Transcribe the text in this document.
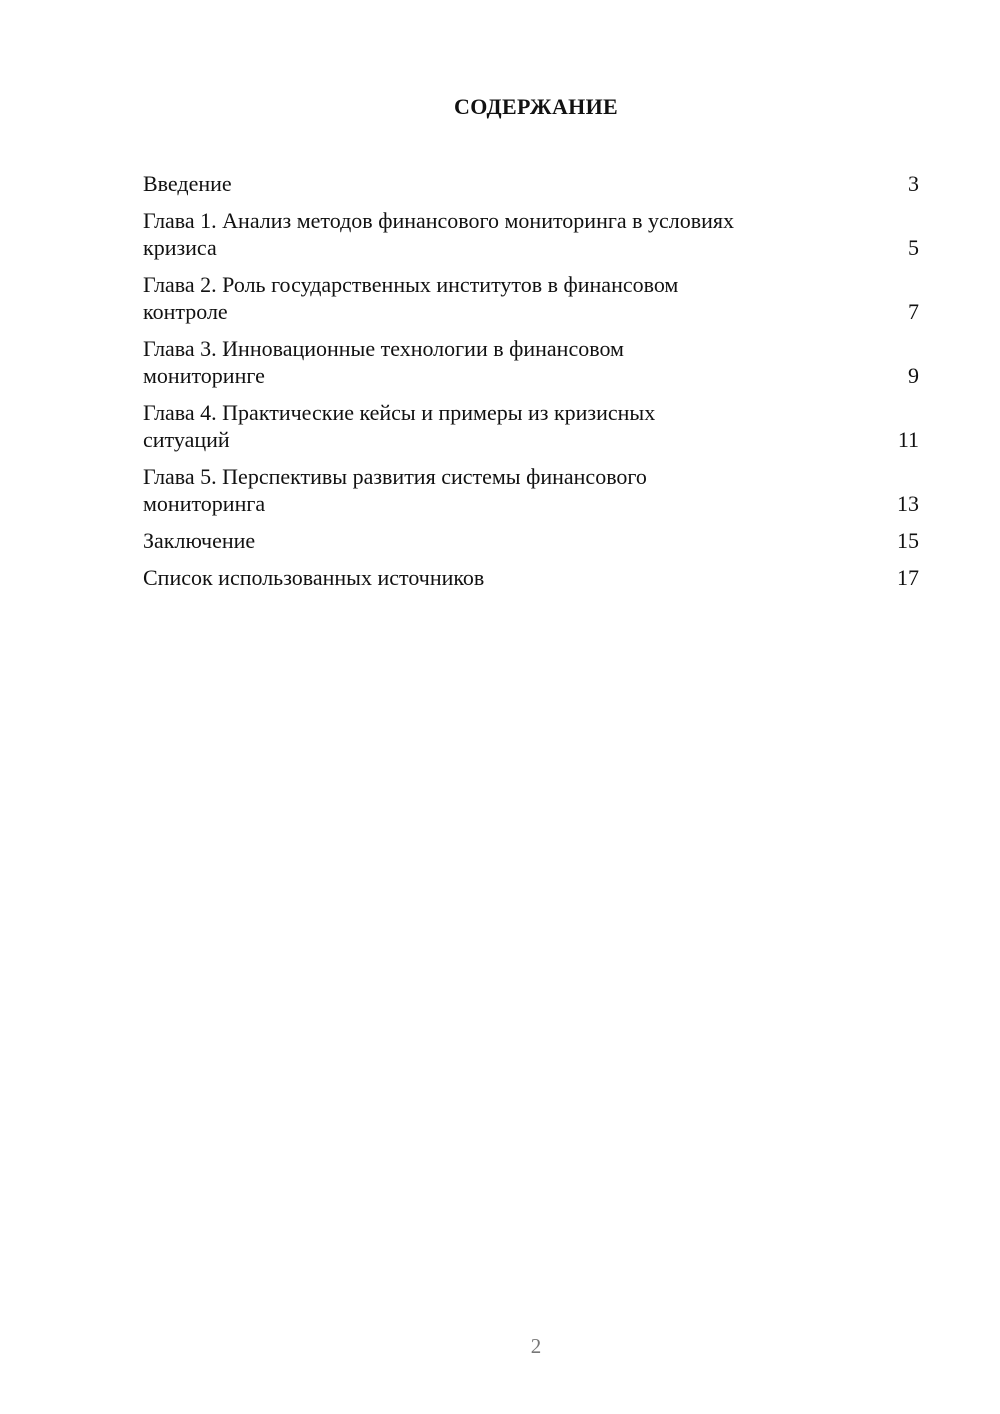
СОДЕРЖАНИЕ
Введение	3
Глава 1. Анализ методов финансового мониторинга в условиях
кризиса	5
Глава 2. Роль государственных институтов в финансовом
контроле	7
Глава 3. Инновационные технологии в финансовом
мониторинге	9
Глава 4. Практические кейсы и примеры из кризисных
ситуаций	11
Глава 5. Перспективы развития системы финансового
мониторинга	13
Заключение	15
Список использованных источников	17
2
